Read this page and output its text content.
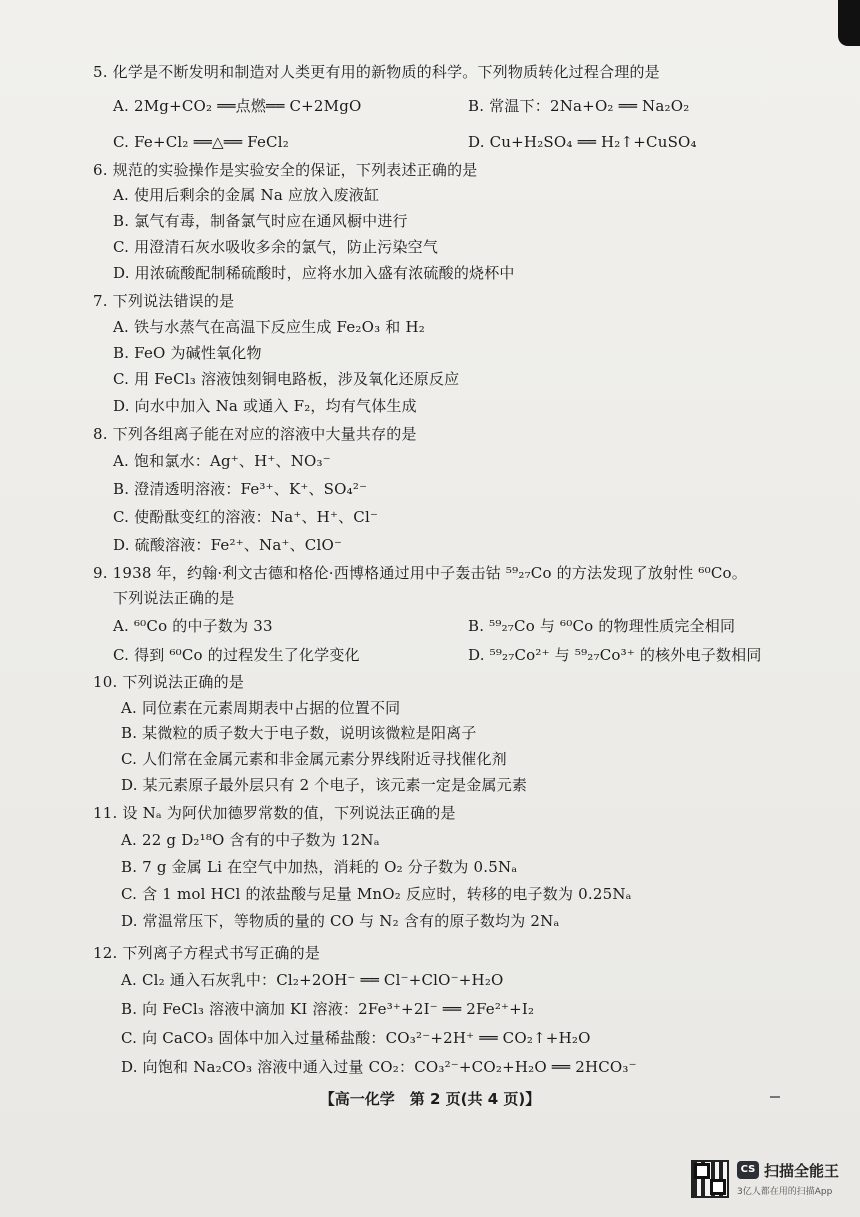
5. 化学是不断发明和制造对人类更有用的新物质的科学。下列物质转化过程合理的是
A. 2Mg+CO₂ ══点燃══ C+2MgO	B. 常温下：2Na+O₂ ══ Na₂O₂
C. Fe+Cl₂ ══△══ FeCl₂	D. Cu+H₂SO₄ ══ H₂↑+CuSO₄
6. 规范的实验操作是实验安全的保证，下列表述正确的是
A. 使用后剩余的金属 Na 应放入废液缸
B. 氯气有毒，制备氯气时应在通风橱中进行
C. 用澄清石灰水吸收多余的氯气，防止污染空气
D. 用浓硫酸配制稀硫酸时，应将水加入盛有浓硫酸的烧杯中
7. 下列说法错误的是
A. 铁与水蒸气在高温下反应生成 Fe₂O₃ 和 H₂
B. FeO 为碱性氧化物
C. 用 FeCl₃ 溶液蚀刻铜电路板，涉及氧化还原反应
D. 向水中加入 Na 或通入 F₂，均有气体生成
8. 下列各组离子能在对应的溶液中大量共存的是
A. 饱和氯水：Ag⁺、H⁺、NO₃⁻
B. 澄清透明溶液：Fe³⁺、K⁺、SO₄²⁻
C. 使酚酞变红的溶液：Na⁺、H⁺、Cl⁻
D. 硫酸溶液：Fe²⁺、Na⁺、ClO⁻
9. 1938 年，约翰·利文古德和格伦·西博格通过用中子轰击钴 ⁵⁹₂₇Co 的方法发现了放射性 ⁶⁰Co。
下列说法正确的是
A. ⁶⁰Co 的中子数为 33	B. ⁵⁹₂₇Co 与 ⁶⁰Co 的物理性质完全相同
C. 得到 ⁶⁰Co 的过程发生了化学变化	D. ⁵⁹₂₇Co²⁺ 与 ⁵⁹₂₇Co³⁺ 的核外电子数相同
10. 下列说法正确的是
A. 同位素在元素周期表中占据的位置不同
B. 某微粒的质子数大于电子数，说明该微粒是阳离子
C. 人们常在金属元素和非金属元素分界线附近寻找催化剂
D. 某元素原子最外层只有 2 个电子，该元素一定是金属元素
11. 设 Nₐ 为阿伏加德罗常数的值，下列说法正确的是
A. 22 g D₂¹⁸O 含有的中子数为 12Nₐ
B. 7 g 金属 Li 在空气中加热，消耗的 O₂ 分子数为 0.5Nₐ
C. 含 1 mol HCl 的浓盐酸与足量 MnO₂ 反应时，转移的电子数为 0.25Nₐ
D. 常温常压下，等物质的量的 CO 与 N₂ 含有的原子数均为 2Nₐ
12. 下列离子方程式书写正确的是
A. Cl₂ 通入石灰乳中：Cl₂+2OH⁻ ══ Cl⁻+ClO⁻+H₂O
B. 向 FeCl₃ 溶液中滴加 KI 溶液：2Fe³⁺+2I⁻ ══ 2Fe²⁺+I₂
C. 向 CaCO₃ 固体中加入过量稀盐酸：CO₃²⁻+2H⁺ ══ CO₂↑+H₂O
D. 向饱和 Na₂CO₃ 溶液中通入过量 CO₂：CO₃²⁻+CO₂+H₂O ══ 2HCO₃⁻
【高一化学　第 2 页(共 4 页)】
CS 扫描全能王
3亿人都在用的扫描App
